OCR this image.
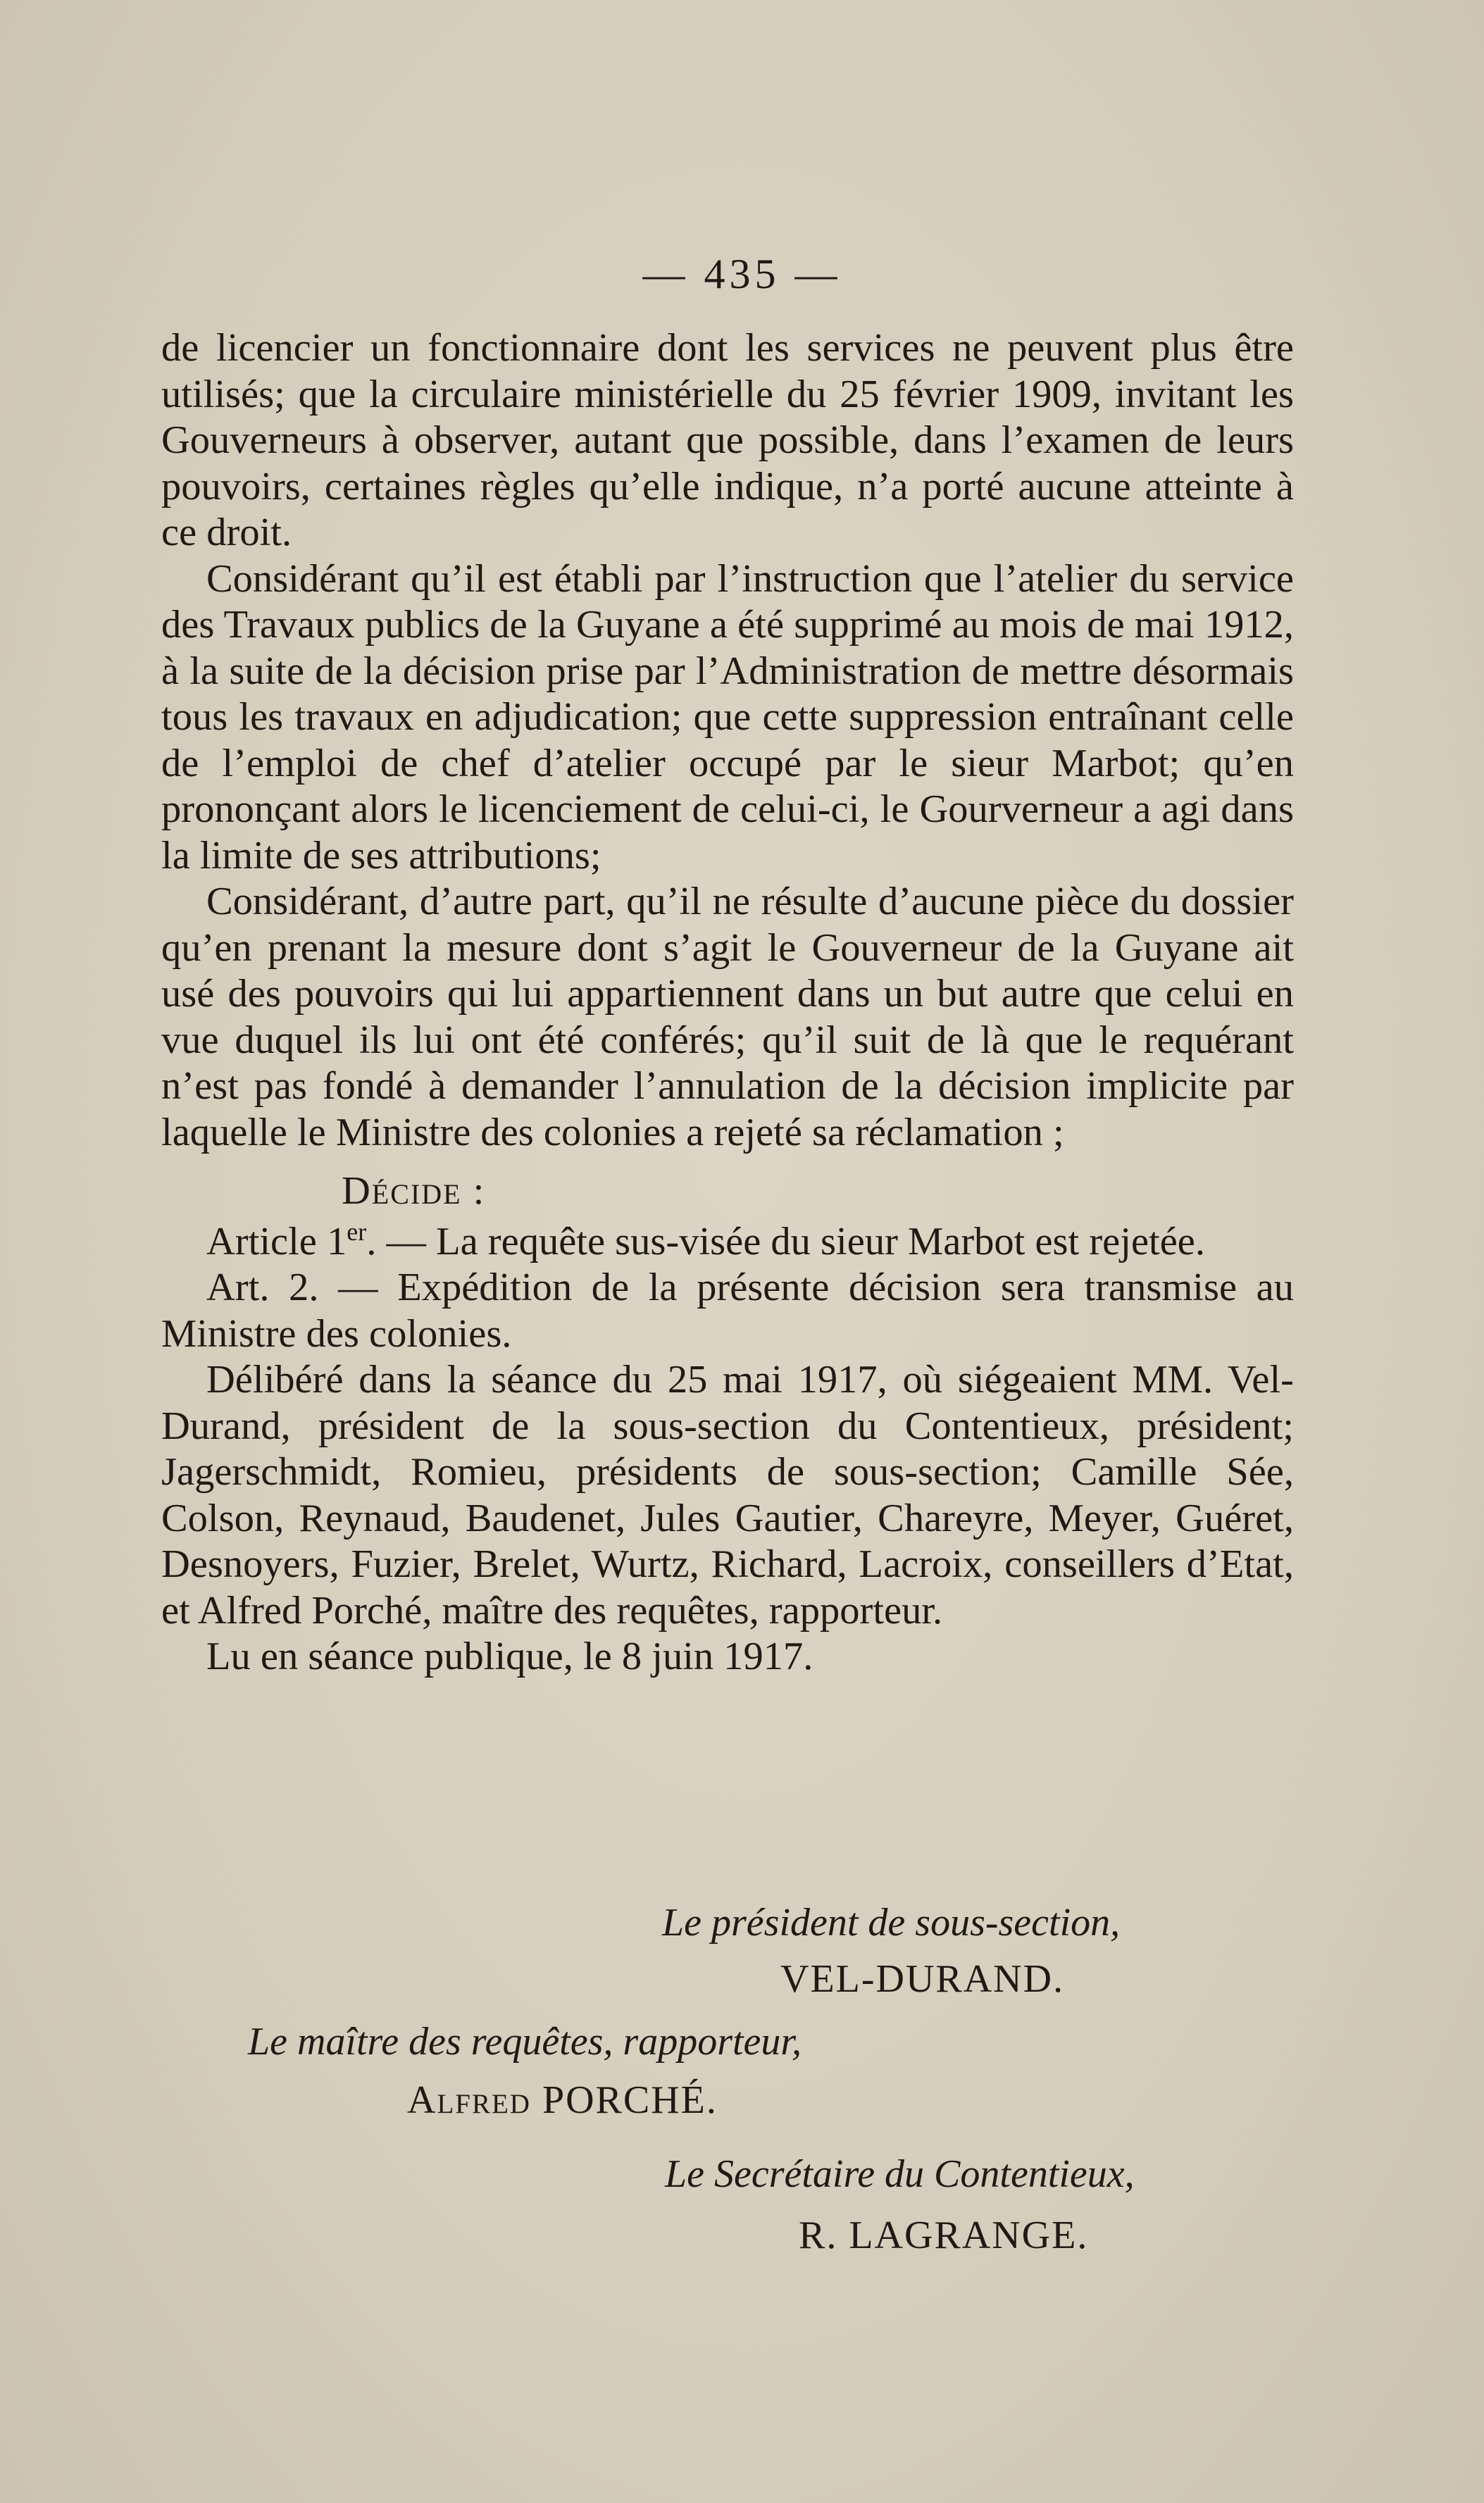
— 435 —

de licencier un fonctionnaire dont les services ne peuvent plus être utilisés; que la circulaire ministérielle du 25 février 1909, invitant les Gouverneurs à observer, autant que possible, dans l’examen de leurs pouvoirs, certaines règles qu’elle indique, n’a porté aucune atteinte à ce droit.

Considérant qu’il est établi par l’instruction que l’atelier du service des Travaux publics de la Guyane a été supprimé au mois de mai 1912, à la suite de la décision prise par l’Administration de mettre désormais tous les travaux en adjudication; que cette suppression entraînant celle de l’emploi de chef d’atelier occupé par le sieur Marbot; qu’en prononçant alors le licenciement de celui-ci, le Gourverneur a agi dans la limite de ses attributions;

Considérant, d’autre part, qu’il ne résulte d’aucune pièce du dossier qu’en prenant la mesure dont s’agit le Gouverneur de la Guyane ait usé des pouvoirs qui lui appartiennent dans un but autre que celui en vue duquel ils lui ont été conférés; qu’il suit de là que le requérant n’est pas fondé à demander l’annulation de la décision implicite par laquelle le Ministre des colonies a rejeté sa réclamation ;

Décide :

Article 1er. — La requête sus-visée du sieur Marbot est rejetée.

Art. 2. — Expédition de la présente décision sera transmise au Ministre des colonies.

Délibéré dans la séance du 25 mai 1917, où siégeaient MM. Vel-Durand, président de la sous-section du Contentieux, président; Jagerschmidt, Romieu, présidents de sous-section; Camille Sée, Colson, Reynaud, Baudenet, Jules Gautier, Chareyre, Meyer, Guéret, Desnoyers, Fuzier, Brelet, Wurtz, Richard, Lacroix, conseillers d’Etat, et Alfred Porché, maître des requêtes, rapporteur.

Lu en séance publique, le 8 juin 1917.

Le président de sous-section,
VEL-DURAND.
Le maître des requêtes, rapporteur,
Alfred PORCHÉ.
Le Secrétaire du Contentieux,
R. LAGRANGE.
